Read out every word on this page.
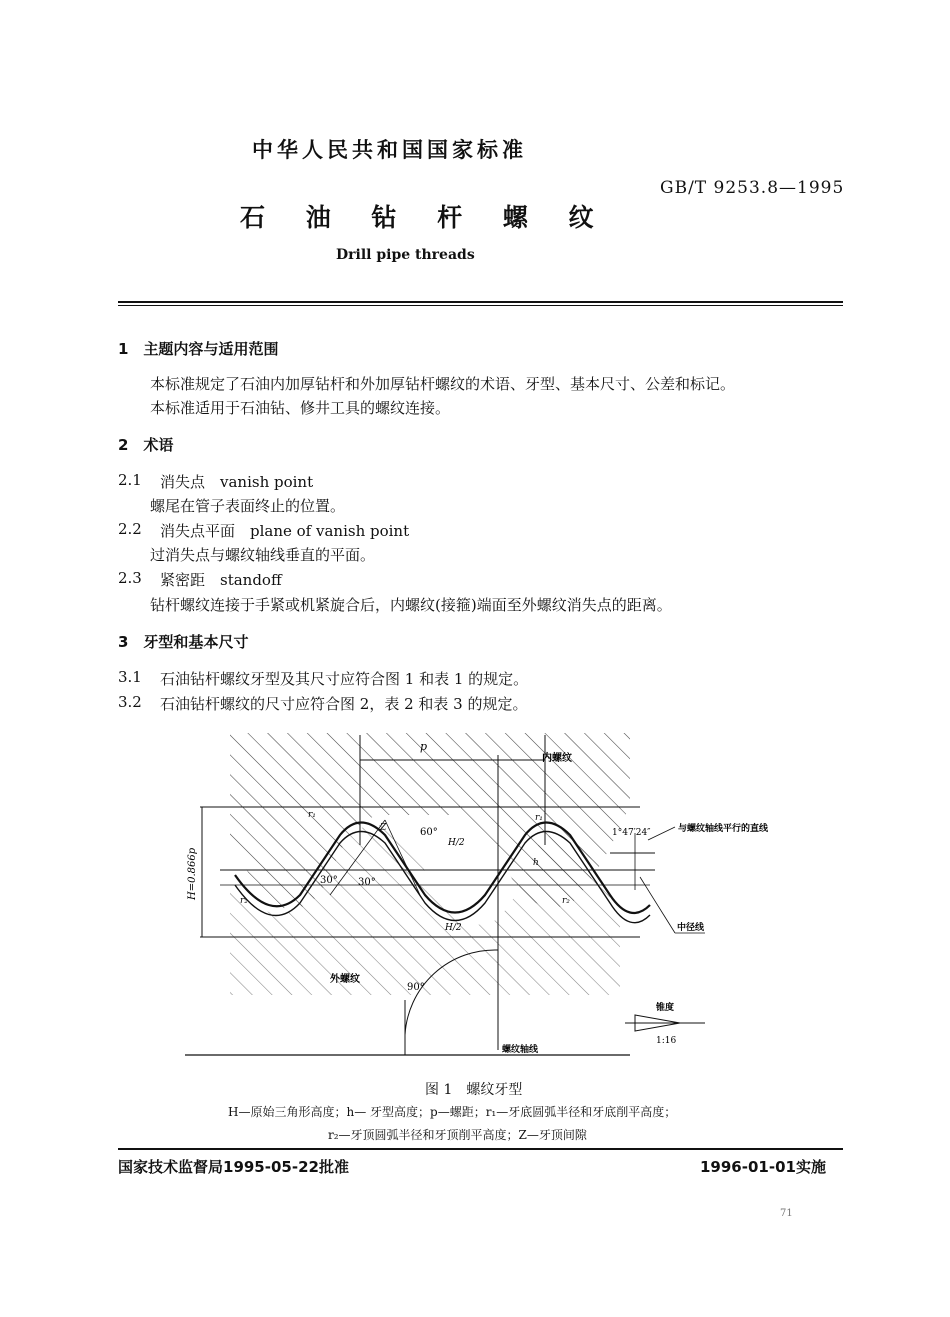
中华人民共和国国家标准
GB/T 9253.8—1995
石 油 钻 杆 螺 纹
Drill pipe threads
1　主题内容与适用范围
本标准规定了石油内加厚钻杆和外加厚钻杆螺纹的术语、牙型、基本尺寸、公差和标记。
本标准适用于石油钻、修井工具的螺纹连接。
2　术语
2.1 消失点　vanish point
螺尾在管子表面终止的位置。
2.2 消失点平面　plane of vanish point
过消失点与螺纹轴线垂直的平面。
2.3 紧密距　standoff
钻杆螺纹连接于手紧或机紧旋合后，内螺纹(接箍)端面至外螺纹消失点的距离。
3　牙型和基本尺寸
3.1 石油钻杆螺纹牙型及其尺寸应符合图 1 和表 1 的规定。
3.2 石油钻杆螺纹的尺寸应符合图 2，表 2 和表 3 的规定。
p
H=0.866p
H/2
H/2
r₁
r₂
r₁
r₂
h
Z	60°
30° 30°
90°
内螺纹
外螺纹
1°47′24″	与螺纹轴线平行的直线
中径线
锥度
1:16
螺纹轴线
图 1　螺纹牙型
H—原始三角形高度；h— 牙型高度；p—螺距；r₁—牙底圆弧半径和牙底削平高度；
r₂—牙顶圆弧半径和牙顶削平高度；Z—牙顶间隙
国家技术监督局1995-05-22批准	1996-01-01实施
71
